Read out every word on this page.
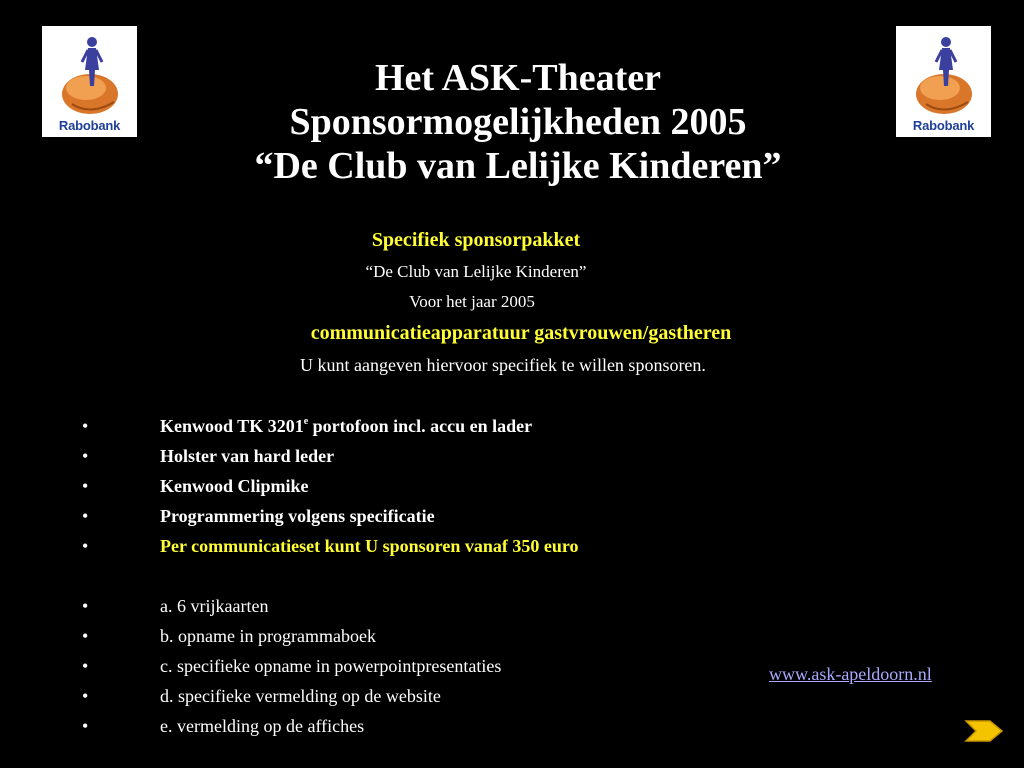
Rabobank	Rabobank
Het ASK-Theater
Sponsormogelijkheden 2005
“De Club van Lelijke Kinderen”
Specifiek sponsorpakket
“De Club van Lelijke Kinderen”
Voor het jaar 2005
communicatieapparatuur gastvrouwen/gastheren
U kunt aangeven hiervoor specifiek te willen sponsoren.
•	Kenwood TK 3201e portofoon incl. accu en lader
•	Holster van hard leder
•	Kenwood Clipmike
•	Programmering volgens specificatie
•	Per communicatieset kunt U sponsoren vanaf 350 euro
•	a. 6 vrijkaarten
•	b. opname in programmaboek
•	c. specifieke opname in powerpointpresentaties
•	d. specifieke vermelding op de website
•	e. vermelding op de affiches
www.ask-apeldoorn.nl
